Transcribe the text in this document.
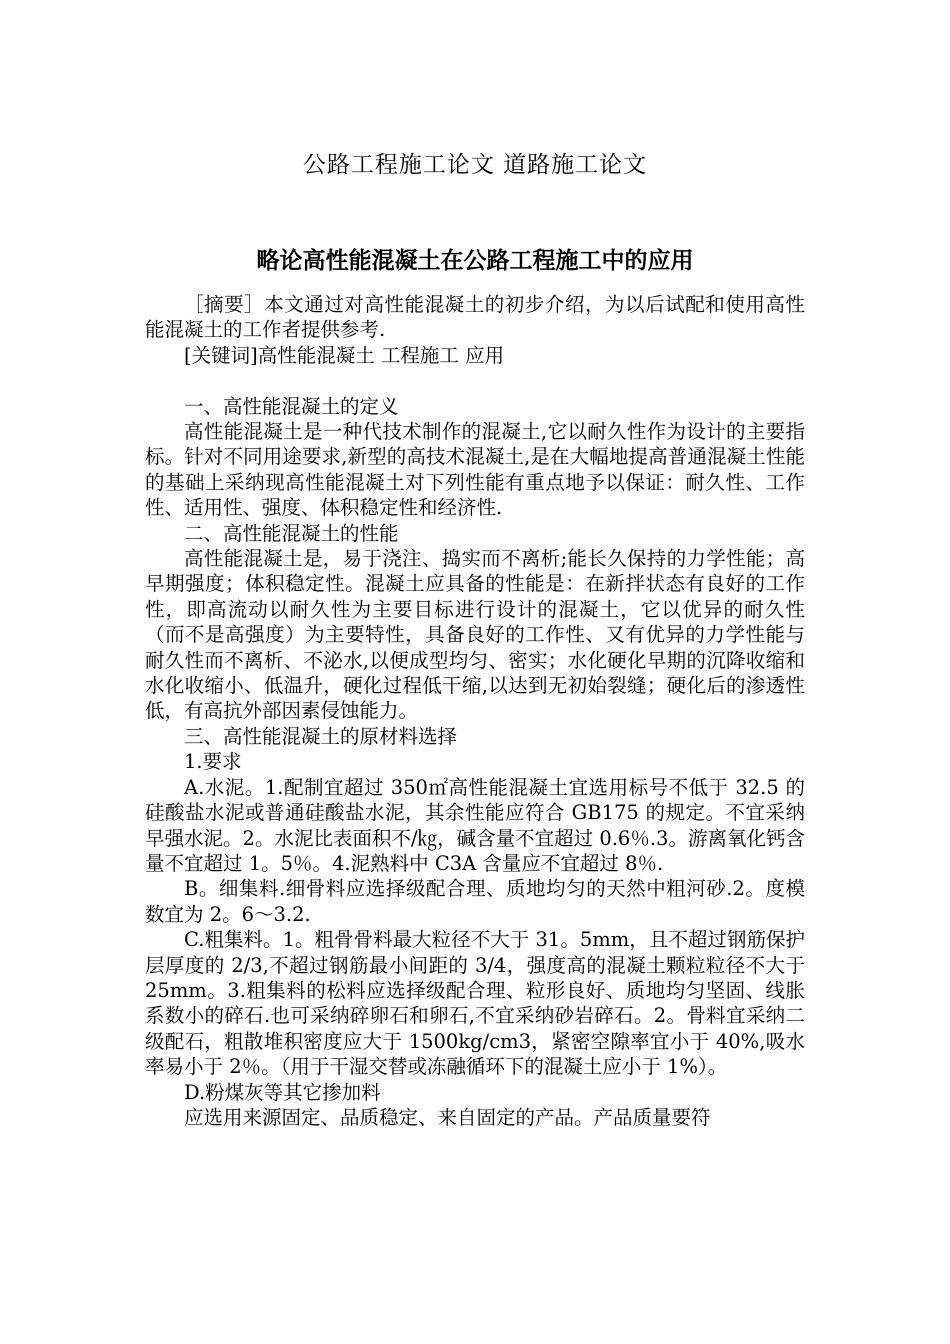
公路工程施工论文 道路施工论文
略论高性能混凝土在公路工程施工中的应用

［摘要］本文通过对高性能混凝土的初步介绍，为以后试配和使用高性能混凝土的工作者提供参考.

[关键词]高性能混凝土 工程施工 应用

一、高性能混凝土的定义

高性能混凝土是一种代技术制作的混凝土,它以耐久性作为设计的主要指标。针对不同用途要求,新型的高技术混凝土,是在大幅地提高普通混凝土性能的基础上采纳现高性能混凝土对下列性能有重点地予以保证：耐久性、工作性、适用性、强度、体积稳定性和经济性.

二、高性能混凝土的性能

高性能混凝土是，易于浇注、捣实而不离析;能长久保持的力学性能；高早期强度；体积稳定性。混凝土应具备的性能是：在新拌状态有良好的工作性，即高流动以耐久性为主要目标进行设计的混凝土，它以优异的耐久性（而不是高强度）为主要特性，具备良好的工作性、又有优异的力学性能与耐久性而不离析、不泌水,以便成型均匀、密实；水化硬化早期的沉降收缩和水化收缩小、低温升，硬化过程低干缩,以达到无初始裂缝；硬化后的渗透性低，有高抗外部因素侵蚀能力。

三、高性能混凝土的原材料选择

1.要求

A.水泥。1.配制宜超过 350㎡高性能混凝土宜选用标号不低于 32.5 的硅酸盐水泥或普通硅酸盐水泥，其余性能应符合 GB175 的规定。不宜采纳早强水泥。2。水泥比表面积不/㎏，碱含量不宜超过 0.6％.3。游离氧化钙含量不宜超过 1。5％。4.泥熟料中 C3A 含量应不宜超过 8％.

B。细集料.细骨料应选择级配合理、质地均匀的天然中粗河砂.2。度模数宜为 2。6～3.2.

C.粗集料。1。粗骨骨料最大粒径不大于 31。5mm，且不超过钢筋保护层厚度的 2/3,不超过钢筋最小间距的 3/4，强度高的混凝土颗粒粒径不大于 25mm。3.粗集料的松料应选择级配合理、粒形良好、质地均匀坚固、线胀系数小的碎石.也可采纳碎卵石和卵石,不宜采纳砂岩碎石。2。骨料宜采纳二级配石，粗散堆积密度应大于 1500kg/cm3，紧密空隙率宜小于 40%,吸水率易小于 2％。（用于干湿交替或冻融循环下的混凝土应小于 1%）。

D.粉煤灰等其它掺加料

应选用来源固定、品质稳定、来自固定的产品。产品质量要符
